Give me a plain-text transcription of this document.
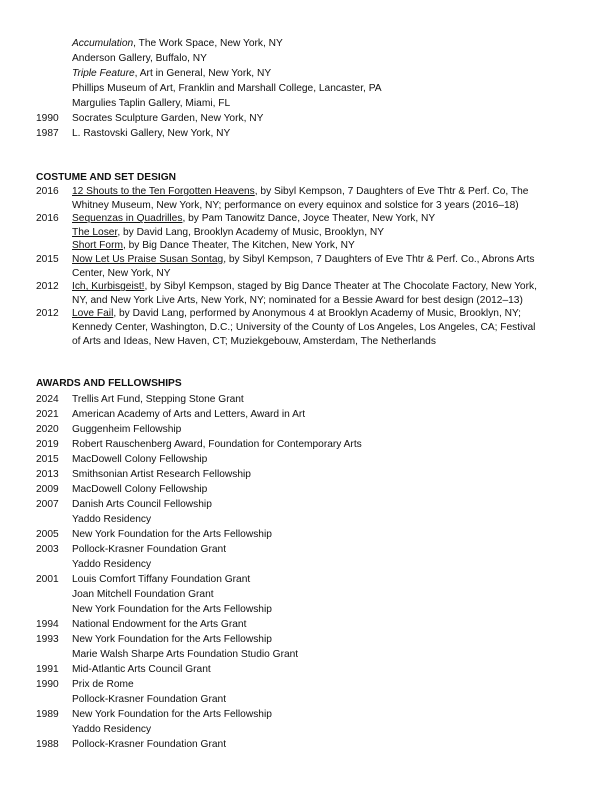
Accumulation, The Work Space, New York, NY
Anderson Gallery, Buffalo, NY
Triple Feature, Art in General, New York, NY
Phillips Museum of Art, Franklin and Marshall College, Lancaster, PA
Margulies Taplin Gallery, Miami, FL
1990 Socrates Sculpture Garden, New York, NY
1987 L. Rastovski Gallery, New York, NY
COSTUME AND SET DESIGN
2016 12 Shouts to the Ten Forgotten Heavens, by Sibyl Kempson, 7 Daughters of Eve Thtr & Perf. Co, The
Whitney Museum, New York, NY; performance on every equinox and solstice for 3 years (2016–18)
2016 Sequenzas in Quadrilles, by Pam Tanowitz Dance, Joyce Theater, New York, NY
The Loser, by David Lang, Brooklyn Academy of Music, Brooklyn, NY
Short Form, by Big Dance Theater, The Kitchen, New York, NY
2015 Now Let Us Praise Susan Sontag, by Sibyl Kempson, 7 Daughters of Eve Thtr & Perf. Co., Abrons Arts
Center, New York, NY
2012 Ich, Kurbisgeist!, by Sibyl Kempson, staged by Big Dance Theater at The Chocolate Factory, New York,
NY, and New York Live Arts, New York, NY; nominated for a Bessie Award for best design (2012–13)
2012 Love Fail, by David Lang, performed by Anonymous 4 at Brooklyn Academy of Music, Brooklyn, NY;
Kennedy Center, Washington, D.C.; University of the County of Los Angeles, Los Angeles, CA; Festival
of Arts and Ideas, New Haven, CT; Muziekgebouw, Amsterdam, The Netherlands
AWARDS AND FELLOWSHIPS
2024 Trellis Art Fund, Stepping Stone Grant
2021 American Academy of Arts and Letters, Award in Art
2020 Guggenheim Fellowship
2019 Robert Rauschenberg Award, Foundation for Contemporary Arts
2015 MacDowell Colony Fellowship
2013 Smithsonian Artist Research Fellowship
2009 MacDowell Colony Fellowship
2007 Danish Arts Council Fellowship
Yaddo Residency
2005 New York Foundation for the Arts Fellowship
2003 Pollock-Krasner Foundation Grant
Yaddo Residency
2001 Louis Comfort Tiffany Foundation Grant
Joan Mitchell Foundation Grant
New York Foundation for the Arts Fellowship
1994 National Endowment for the Arts Grant
1993 New York Foundation for the Arts Fellowship
Marie Walsh Sharpe Arts Foundation Studio Grant
1991 Mid-Atlantic Arts Council Grant
1990 Prix de Rome
Pollock-Krasner Foundation Grant
1989 New York Foundation for the Arts Fellowship
Yaddo Residency
1988 Pollock-Krasner Foundation Grant
